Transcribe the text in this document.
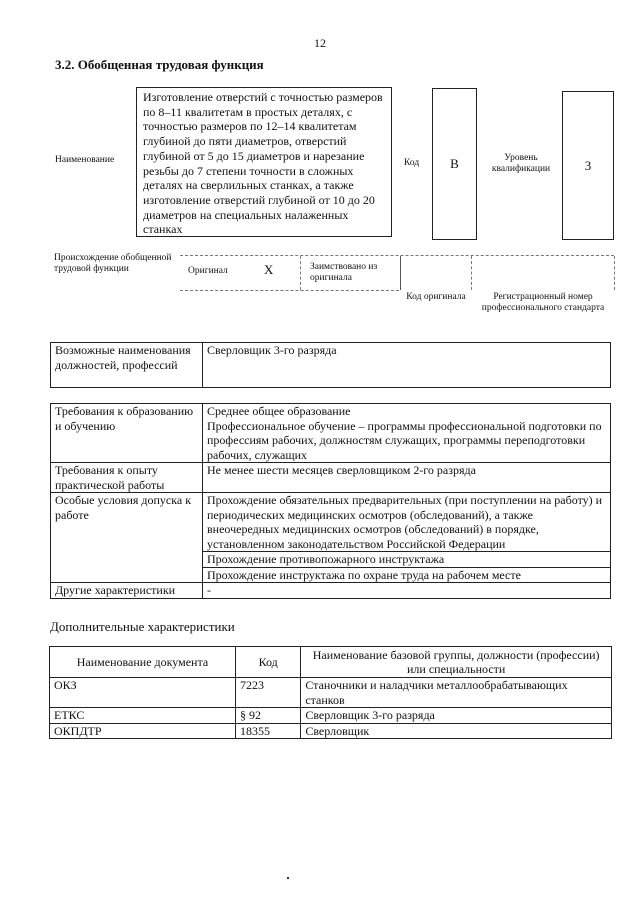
12
3.2. Обобщенная трудовая функция
Наименование
Изготовление отверстий с точностью размеров по 8–11 квалитетам в простых деталях, с точностью размеров по 12–14 квалитетам глубиной до пяти диаметров, отверстий глубиной от 5 до 15 диаметров и нарезание резьбы до 7 степени точности в сложных деталях на сверлильных станках, а также изготовление отверстий глубиной от 10 до 20 диаметров на специальных налаженных станках
Код	B	Уровень квалификации	3
Происхождение обобщенной трудовой функции	Оригинал	X	Заимствовано из оригинала
Код оригинала	Регистрационный номер профессионального стандарта
Возможные наименования должностей, профессий	Сверловщик 3-го разряда
Требования к образованию и обучению	Среднее общее образование
	Профессиональное обучение – программы профессиональной подготовки по профессиям рабочих, должностям служащих, программы переподготовки рабочих, служащих
Требования к опыту практической работы	Не менее шести месяцев сверловщиком 2-го разряда
Особые условия допуска к работе	Прохождение обязательных предварительных (при поступлении на работу) и периодических медицинских осмотров (обследований), а также внеочередных медицинских осмотров (обследований) в порядке, установленном законодательством Российской Федерации
	Прохождение противопожарного инструктажа
	Прохождение инструктажа по охране труда на рабочем месте
Другие характеристики	-
Дополнительные характеристики
Наименование документа	Код	Наименование базовой группы, должности (профессии) или специальности
ОКЗ	7223	Станочники и наладчики металлообрабатывающих станков
ЕТКС	§ 92	Сверловщик 3-го разряда
ОКПДТР	18355	Сверловщик
